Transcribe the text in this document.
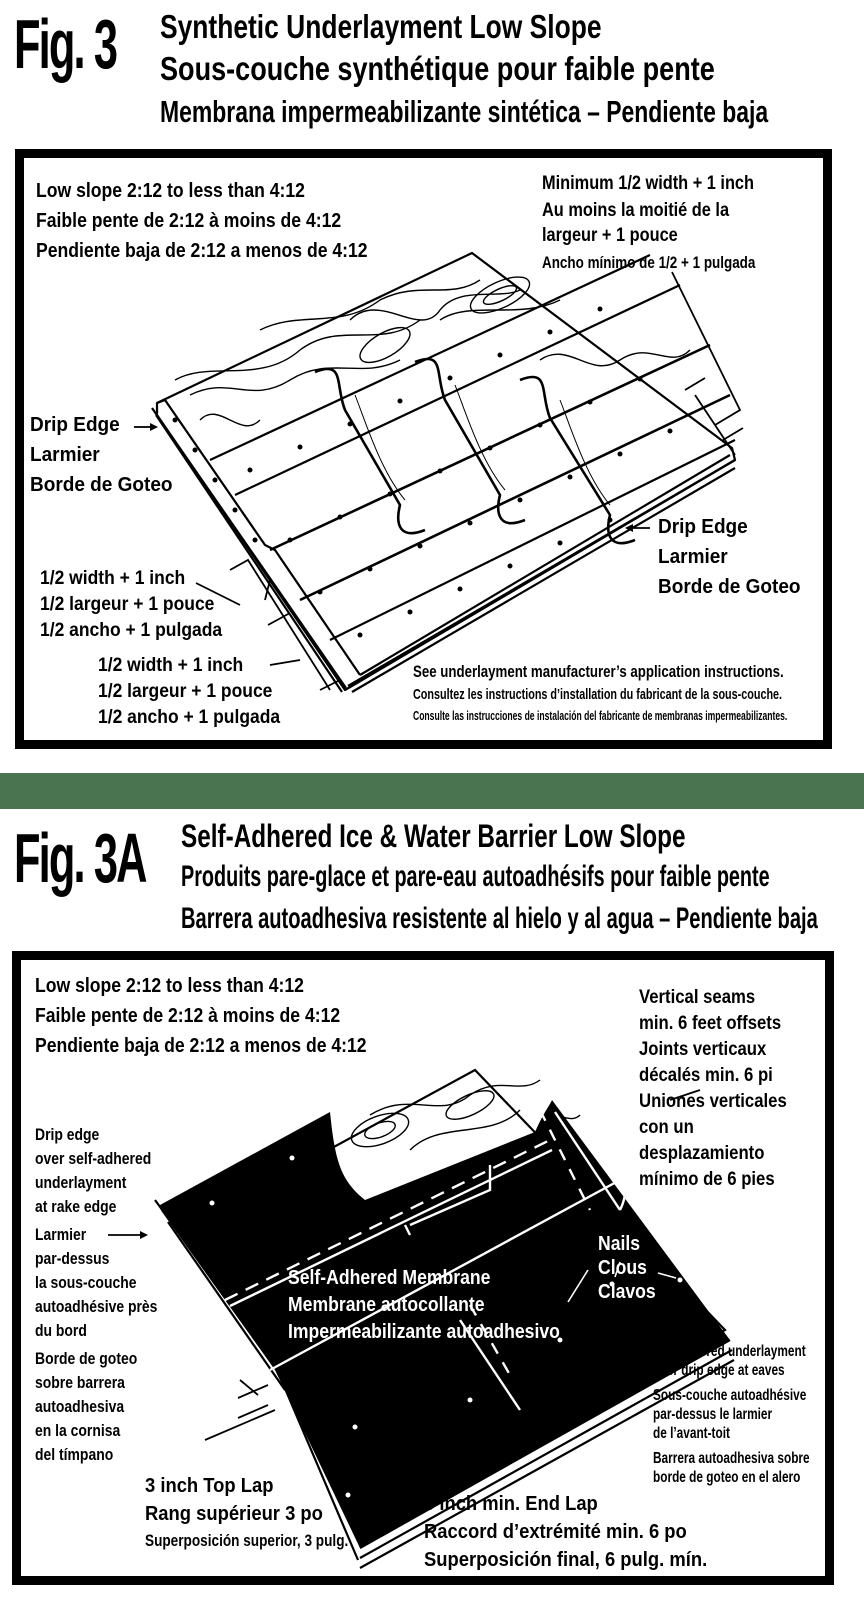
Fig. 3 Synthetic Underlayment Low Slope
Sous-couche synthétique pour faible pente
Membrana impermeabilizante sintética – Pendiente baja
Low slope 2:12 to less than 4:12
Faible pente de 2:12 à moins de 4:12
Pendiente baja de 2:12 a menos de 4:12
Minimum 1/2 width + 1 inch
Au moins la moitié de la
largeur + 1 pouce
Ancho mínimo de 1/2 + 1 pulgada
Drip Edge
Larmier
Borde de Goteo
Drip Edge
Larmier
Borde de Goteo
1/2 width + 1 inch
1/2 largeur + 1 pouce
1/2 ancho + 1 pulgada
1/2 width + 1 inch
1/2 largeur + 1 pouce
1/2 ancho + 1 pulgada
See underlayment manufacturer’s application instructions.
Consultez les instructions d’installation du fabricant de la sous-couche.
Consulte las instrucciones de instalación del fabricante de membranas impermeabilizantes.
Fig. 3A Self-Adhered Ice & Water Barrier Low Slope
Produits pare-glace et pare-eau autoadhésifs pour faible pente
Barrera autoadhesiva resistente al hielo y al agua – Pendiente baja
Low slope 2:12 to less than 4:12
Faible pente de 2:12 à moins de 4:12
Pendiente baja de 2:12 a menos de 4:12
Vertical seams
min. 6 feet offsets
Joints verticaux
décalés min. 6 pi
Uniones verticales
con un
desplazamiento
mínimo de 6 pies
Drip edge
over self-adhered
underlayment
at rake edge
Larmier
par-dessus
la sous-couche
autoadhésive près
du bord
Borde de goteo
sobre barrera
autoadhesiva
en la cornisa
del tímpano
Self-Adhered Membrane
Membrane autocollante
Impermeabilizante autoadhesivo
Nails
Clous
Clavos
Self-adhered underlayment
over drip edge at eaves
Sous-couche autoadhésive
par-dessus le larmier
de l’avant-toit
Barrera autoadhesiva sobre
borde de goteo en el alero
3 inch Top Lap
Rang supérieur 3 po
Superposición superior, 3 pulg.
6 inch min. End Lap
Raccord d’extrémité min. 6 po
Superposición final, 6 pulg. mín.
